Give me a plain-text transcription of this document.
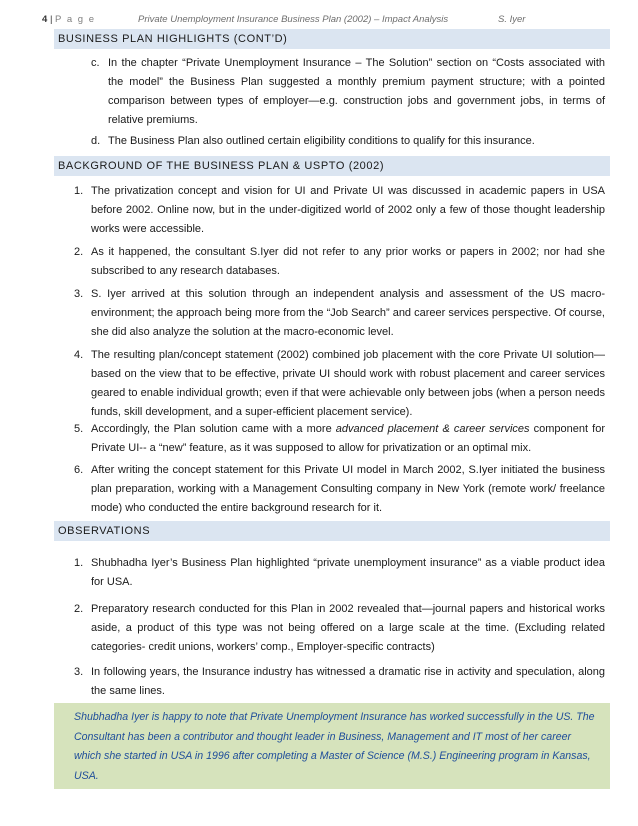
4 | P a g e	Private Unemployment Insurance Business Plan (2002) – Impact Analysis	S. Iyer
BUSINESS PLAN HIGHLIGHTS (CONT’D)
c. In the chapter “Private Unemployment Insurance – The Solution” section on “Costs associated with the model” the Business Plan suggested a monthly premium payment structure; with a pointed comparison between types of employer—e.g. construction jobs and government jobs, in terms of relative premiums.
d. The Business Plan also outlined certain eligibility conditions to qualify for this insurance.
BACKGROUND OF THE BUSINESS PLAN & USPTO (2002)
1. The privatization concept and vision for UI and Private UI was discussed in academic papers in USA before 2002. Online now, but in the under-digitized world of 2002 only a few of those thought leadership works were accessible.
2. As it happened, the consultant S.Iyer did not refer to any prior works or papers in 2002; nor had she subscribed to any research databases.
3. S. Iyer arrived at this solution through an independent analysis and assessment of the US macro-environment; the approach being more from the “Job Search” and career services perspective. Of course, she did also analyze the solution at the macro-economic level.
4. The resulting plan/concept statement (2002) combined job placement with the core Private UI solution—based on the view that to be effective, private UI should work with robust placement and career services geared to enable individual growth; even if that were achievable only between jobs (when a person needs funds, skill development, and a super-efficient placement service).
5. Accordingly, the Plan solution came with a more advanced placement & career services component for Private UI-- a “new” feature, as it was supposed to allow for privatization or an optimal mix.
6. After writing the concept statement for this Private UI model in March 2002, S.Iyer initiated the business plan preparation, working with a Management Consulting company in New York (remote work/ freelance mode) who conducted the entire background research for it.
OBSERVATIONS
1. Shubhadha Iyer’s Business Plan highlighted “private unemployment insurance” as a viable product idea for USA.
2. Preparatory research conducted for this Plan in 2002 revealed that—journal papers and historical works aside, a product of this type was not being offered on a large scale at the time. (Excluding related categories- credit unions, workers’ comp., Employer-specific contracts)
3. In following years, the Insurance industry has witnessed a dramatic rise in activity and speculation, along the same lines.
Shubhadha Iyer is happy to note that Private Unemployment Insurance has worked successfully in the US. The Consultant has been a contributor and thought leader in Business, Management and IT most of her career which she started in USA in 1996 after completing a Master of Science (M.S.) Engineering program in Kansas, USA.
